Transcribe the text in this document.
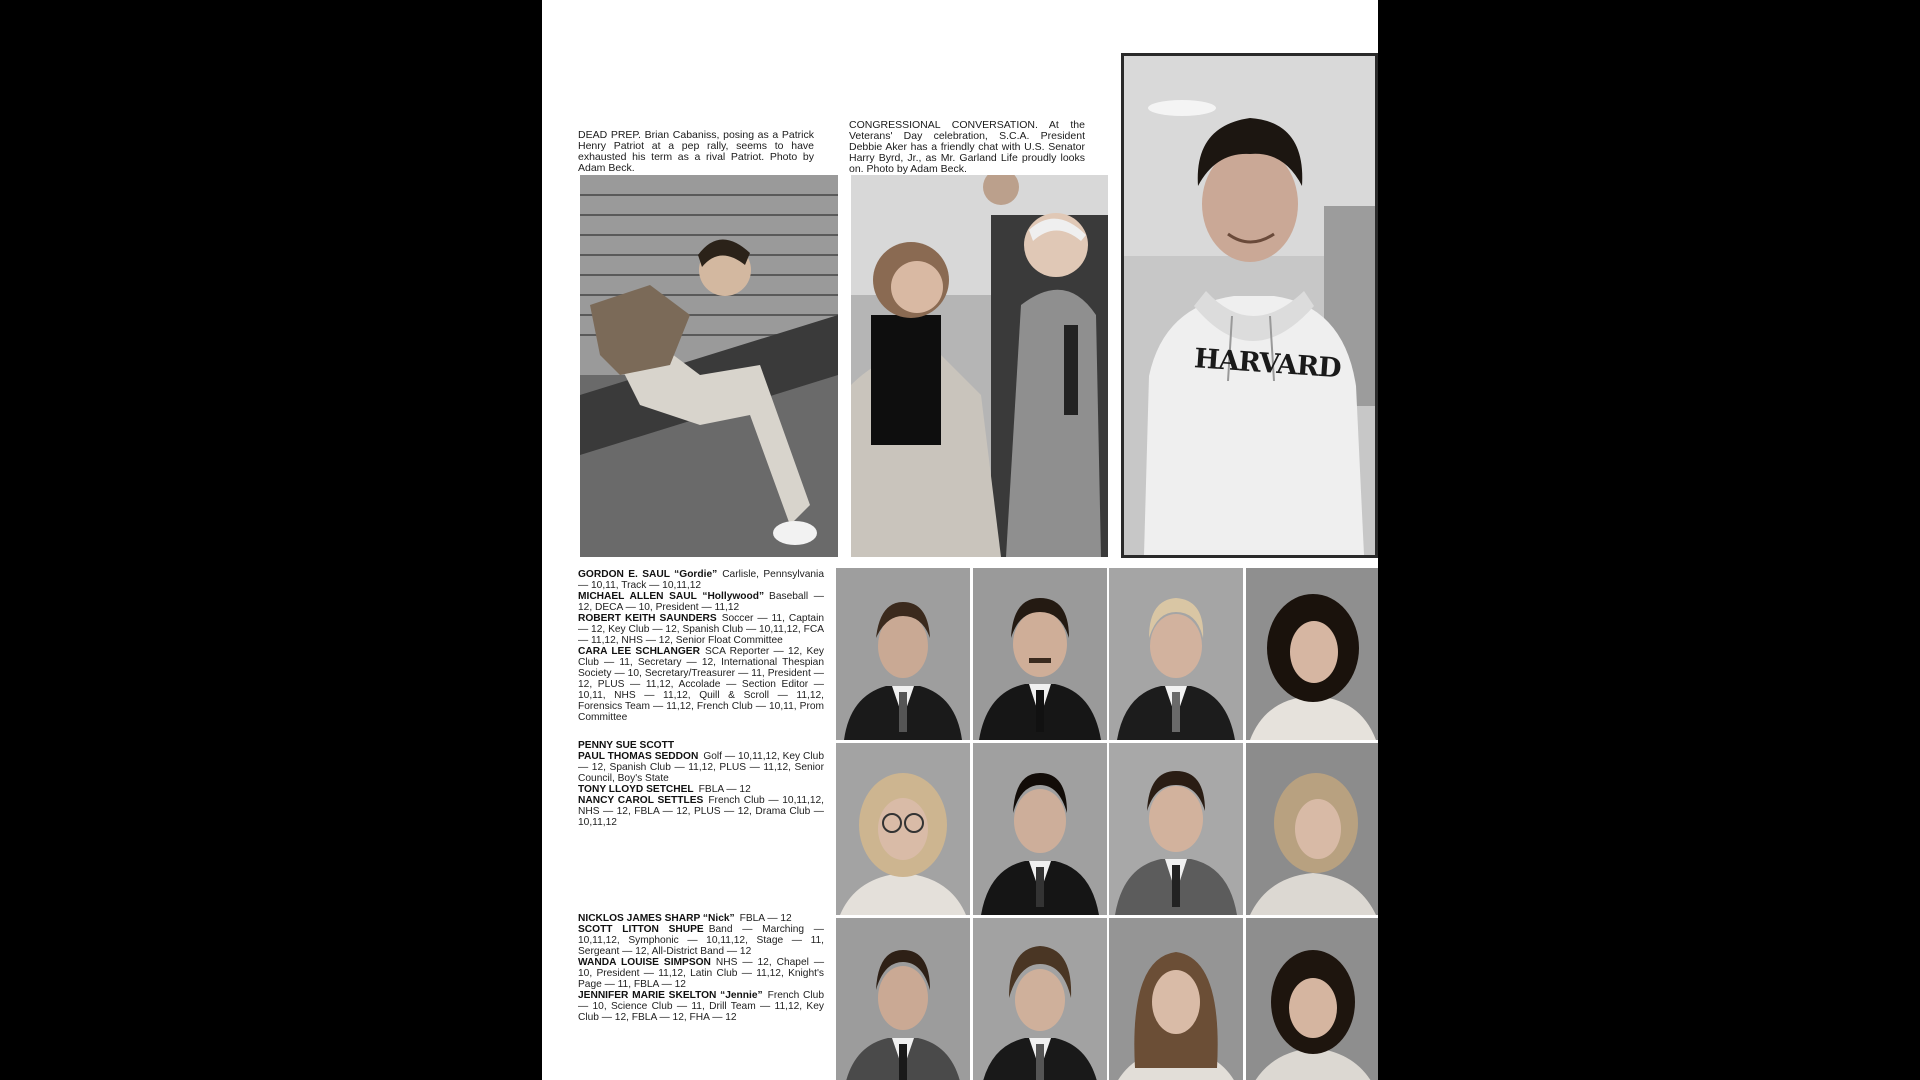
DEAD PREP. Brian Cabaniss, posing as a Patrick Henry Patriot at a pep rally, seems to have exhausted his term as a rival Patriot. Photo by Adam Beck.
CONGRESSIONAL CONVERSATION. At the Veterans' Day celebration, S.C.A. President Debbie Aker has a friendly chat with U.S. Senator Harry Byrd, Jr., as Mr. Garland Life proudly looks on. Photo by Adam Beck.
HARVARD

GORDON E. SAUL “Gordie” Carlisle, Pennsylvania — 10,11, Track — 10,11,12

MICHAEL ALLEN SAUL “Hollywood” Baseball — 12, DECA — 10, President — 11,12

ROBERT KEITH SAUNDERS Soccer — 11, Captain — 12, Key Club — 12, Spanish Club — 10,11,12, FCA — 11,12, NHS — 12, Senior Float Committee

CARA LEE SCHLANGER SCA Reporter — 12, Key Club — 11, Secretary — 12, International Thespian Society — 10, Secretary/Treasurer — 11, President — 12, PLUS — 11,12, Accolade — Section Editor — 10,11, NHS — 11,12, Quill & Scroll — 11,12, Forensics Team — 11,12, French Club — 10,11, Prom Committee

PENNY SUE SCOTT

PAUL THOMAS SEDDON Golf — 10,11,12, Key Club — 12, Spanish Club — 11,12, PLUS — 11,12, Senior Council, Boy's State

TONY LLOYD SETCHEL FBLA — 12

NANCY CAROL SETTLES French Club — 10,11,12, NHS — 12, FBLA — 12, PLUS — 12, Drama Club — 10,11,12

NICKLOS JAMES SHARP “Nick” FBLA — 12

SCOTT LITTON SHUPE Band — Marching — 10,11,12, Symphonic — 10,11,12, Stage — 11, Sergeant — 12, All-District Band — 12

WANDA LOUISE SIMPSON NHS — 12, Chapel — 10, President — 11,12, Latin Club — 11,12, Knight's Page — 11, FBLA — 12

JENNIFER MARIE SKELTON “Jennie” French Club — 10, Science Club — 11, Drill Team — 11,12, Key Club — 12, FBLA — 12, FHA — 12
